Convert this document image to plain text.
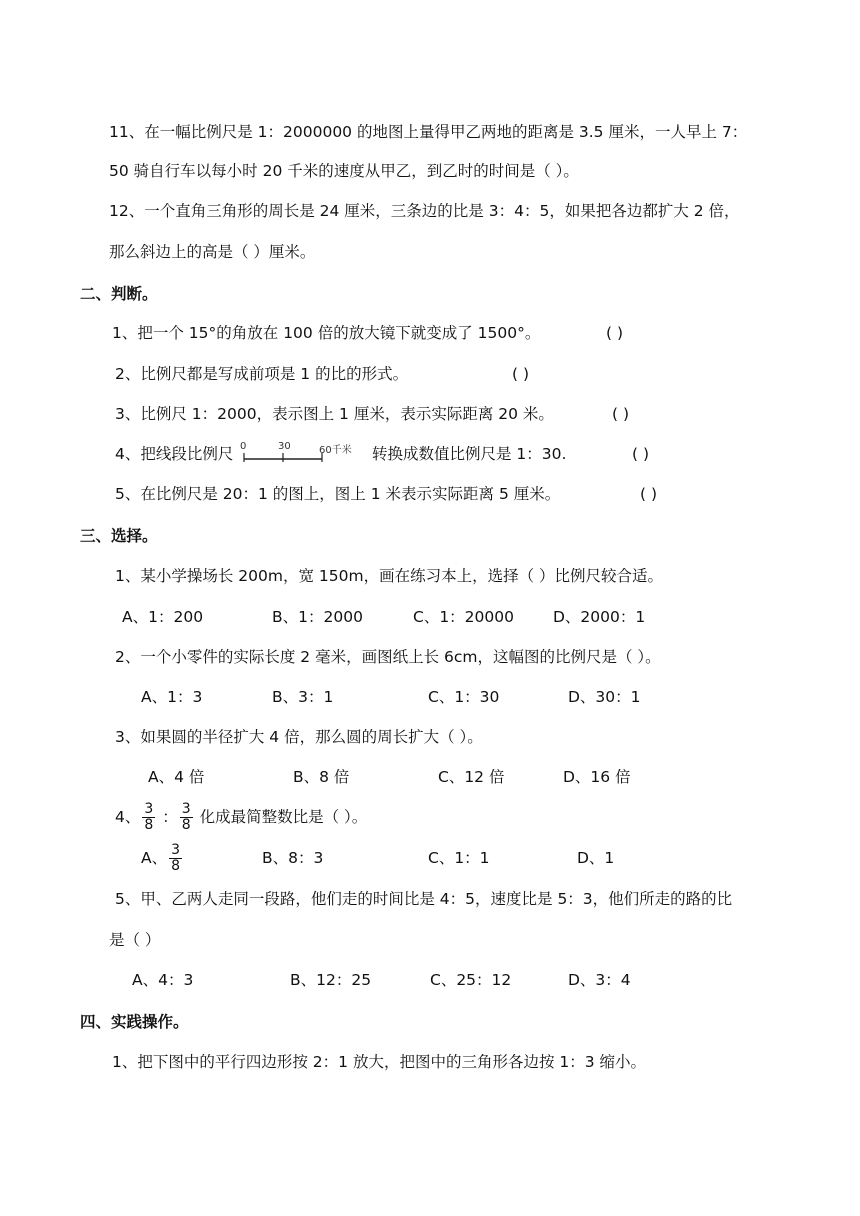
11、在一幅比例尺是 1：2000000 的地图上量得甲乙两地的距离是 3.5 厘米，一人早上 7：
50 骑自行车以每小时 20 千米的速度从甲乙，到乙时的时间是（ ）。
12、一个直角三角形的周长是 24 厘米，三条边的比是 3：4：5，如果把各边都扩大 2 倍，
那么斜边上的高是（ ）厘米。
二、判断。
1、把一个 15°的角放在 100 倍的放大镜下就变成了 1500°。	( )
2、比例尺都是写成前项是 1 的比的形式。	( )
3、比例尺 1：2000，表示图上 1 厘米，表示实际距离 20 米。	( )
4、把线段比例尺 0	30	60千米 转换成数值比例尺是 1：30.	( )
5、在比例尺是 20：1 的图上，图上 1 米表示实际距离 5 厘米。	( )
三、选择。
1、某小学操场长 200m，宽 150m，画在练习本上，选择（ ）比例尺较合适。
A、1：200	B、1：2000	C、1：20000	D、2000：1
2、一个小零件的实际长度 2 毫米，画图纸上长 6cm，这幅图的比例尺是（ ）。
A、1：3	B、3：1	C、1：30	D、30：1
3、如果圆的半径扩大 4 倍，那么圆的周长扩大（ ）。
A、4 倍	B、8 倍	C、12 倍	D、16 倍
4、 $\frac{3}{8}$ ： $\frac{3}{8}$ 化成最简整数比是（ ）。
A、 $\frac{3}{8}$	B、8：3	C、1：1	D、1
5、甲、乙两人走同一段路，他们走的时间比是 4：5，速度比是 5：3，他们所走的路的比
是（ ）
A、4：3	B、12：25	C、25：12	D、3：4
四、实践操作。
1、把下图中的平行四边形按 2：1 放大，把图中的三角形各边按 1：3 缩小。
